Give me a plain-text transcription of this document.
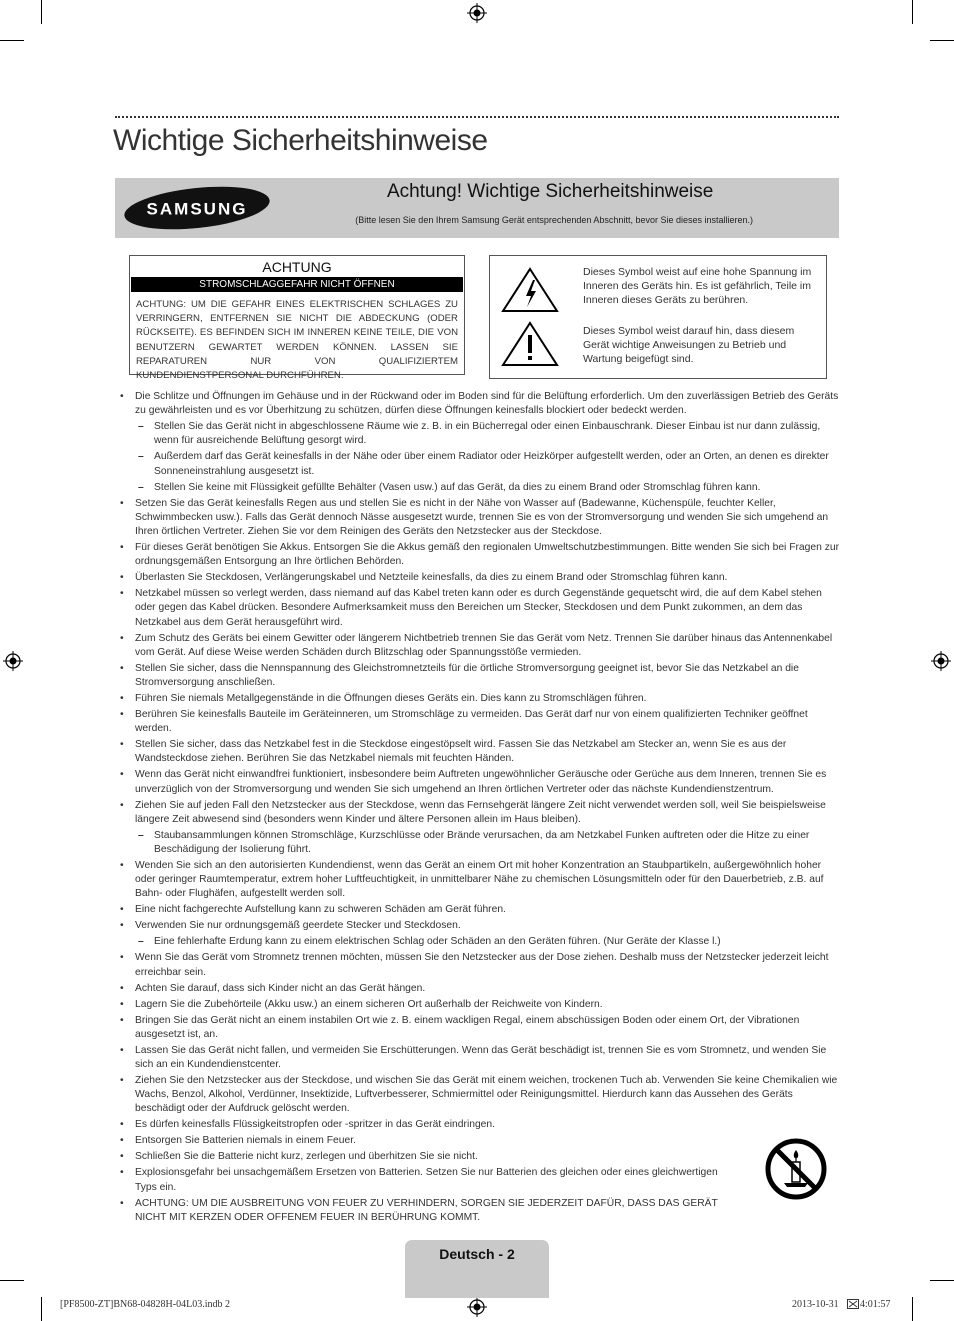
Wichtige Sicherheitshinweise
SAMSUNG
Achtung! Wichtige Sicherheitshinweise
(Bitte lesen Sie den Ihrem Samsung Gerät entsprechenden Abschnitt, bevor Sie dieses installieren.)
ACHTUNG
STROMSCHLAGGEFAHR NICHT ÖFFNEN
ACHTUNG: UM DIE GEFAHR EINES ELEKTRISCHEN SCHLAGES ZU VERRINGERN, ENTFERNEN SIE NICHT DIE ABDECKUNG (ODER RÜCKSEITE). ES BEFINDEN SICH IM INNEREN KEINE TEILE, DIE VON BENUTZERN GEWARTET WERDEN KÖNNEN. LASSEN SIE REPARATUREN NUR VON QUALIFIZIERTEM KUNDENDIENSTPERSONAL DURCHFÜHREN.
Dieses Symbol weist auf eine hohe Spannung im Inneren des Geräts hin. Es ist gefährlich, Teile im Inneren dieses Geräts zu berühren.
Dieses Symbol weist darauf hin, dass diesem Gerät wichtige Anweisungen zu Betrieb und Wartung beigefügt sind.
• Die Schlitze und Öffnungen im Gehäuse und in der Rückwand oder im Boden sind für die Belüftung erforderlich. Um den zuverlässigen Betrieb des Geräts zu gewährleisten und es vor Überhitzung zu schützen, dürfen diese Öffnungen keinesfalls blockiert oder bedeckt werden.
– Stellen Sie das Gerät nicht in abgeschlossene Räume wie z. B. in ein Bücherregal oder einen Einbauschrank. Dieser Einbau ist nur dann zulässig, wenn für ausreichende Belüftung gesorgt wird.
– Außerdem darf das Gerät keinesfalls in der Nähe oder über einem Radiator oder Heizkörper aufgestellt werden, oder an Orten, an denen es direkter Sonneneinstrahlung ausgesetzt ist.
– Stellen Sie keine mit Flüssigkeit gefüllte Behälter (Vasen usw.) auf das Gerät, da dies zu einem Brand oder Stromschlag führen kann.
• Setzen Sie das Gerät keinesfalls Regen aus und stellen Sie es nicht in der Nähe von Wasser auf (Badewanne, Küchenspüle, feuchter Keller, Schwimmbecken usw.). Falls das Gerät dennoch Nässe ausgesetzt wurde, trennen Sie es von der Stromversorgung und wenden Sie sich umgehend an Ihren örtlichen Vertreter. Ziehen Sie vor dem Reinigen des Geräts den Netzstecker aus der Steckdose.
• Für dieses Gerät benötigen Sie Akkus. Entsorgen Sie die Akkus gemäß den regionalen Umweltschutzbestimmungen. Bitte wenden Sie sich bei Fragen zur ordnungsgemäßen Entsorgung an Ihre örtlichen Behörden.
• Überlasten Sie Steckdosen, Verlängerungskabel und Netzteile keinesfalls, da dies zu einem Brand oder Stromschlag führen kann.
• Netzkabel müssen so verlegt werden, dass niemand auf das Kabel treten kann oder es durch Gegenstände gequetscht wird, die auf dem Kabel stehen oder gegen das Kabel drücken. Besondere Aufmerksamkeit muss den Bereichen um Stecker, Steckdosen und dem Punkt zukommen, an dem das Netzkabel aus dem Gerät herausgeführt wird.
• Zum Schutz des Geräts bei einem Gewitter oder längerem Nichtbetrieb trennen Sie das Gerät vom Netz. Trennen Sie darüber hinaus das Antennenkabel vom Gerät. Auf diese Weise werden Schäden durch Blitzschlag oder Spannungsstöße vermieden.
• Stellen Sie sicher, dass die Nennspannung des Gleichstromnetzteils für die örtliche Stromversorgung geeignet ist, bevor Sie das Netzkabel an die Stromversorgung anschließen.
• Führen Sie niemals Metallgegenstände in die Öffnungen dieses Geräts ein. Dies kann zu Stromschlägen führen.
• Berühren Sie keinesfalls Bauteile im Geräteinneren, um Stromschläge zu vermeiden. Das Gerät darf nur von einem qualifizierten Techniker geöffnet werden.
• Stellen Sie sicher, dass das Netzkabel fest in die Steckdose eingestöpselt wird. Fassen Sie das Netzkabel am Stecker an, wenn Sie es aus der Wandsteckdose ziehen. Berühren Sie das Netzkabel niemals mit feuchten Händen.
• Wenn das Gerät nicht einwandfrei funktioniert, insbesondere beim Auftreten ungewöhnlicher Geräusche oder Gerüche aus dem Inneren, trennen Sie es unverzüglich von der Stromversorgung und wenden Sie sich umgehend an Ihren örtlichen Vertreter oder das nächste Kundendienstzentrum.
• Ziehen Sie auf jeden Fall den Netzstecker aus der Steckdose, wenn das Fernsehgerät längere Zeit nicht verwendet werden soll, weil Sie beispielsweise längere Zeit abwesend sind (besonders wenn Kinder und ältere Personen allein im Haus bleiben).
– Staubansammlungen können Stromschläge, Kurzschlüsse oder Brände verursachen, da am Netzkabel Funken auftreten oder die Hitze zu einer Beschädigung der Isolierung führt.
• Wenden Sie sich an den autorisierten Kundendienst, wenn das Gerät an einem Ort mit hoher Konzentration an Staubpartikeln, außergewöhnlich hoher oder geringer Raumtemperatur, extrem hoher Luftfeuchtigkeit, in unmittelbarer Nähe zu chemischen Lösungsmitteln oder für den Dauerbetrieb, z.B. auf Bahn- oder Flughäfen, aufgestellt werden soll.
• Eine nicht fachgerechte Aufstellung kann zu schweren Schäden am Gerät führen.
• Verwenden Sie nur ordnungsgemäß geerdete Stecker und Steckdosen.
– Eine fehlerhafte Erdung kann zu einem elektrischen Schlag oder Schäden an den Geräten führen. (Nur Geräte der Klasse l.)
• Wenn Sie das Gerät vom Stromnetz trennen möchten, müssen Sie den Netzstecker aus der Dose ziehen. Deshalb muss der Netzstecker jederzeit leicht erreichbar sein.
• Achten Sie darauf, dass sich Kinder nicht an das Gerät hängen.
• Lagern Sie die Zubehörteile (Akku usw.) an einem sicheren Ort außerhalb der Reichweite von Kindern.
• Bringen Sie das Gerät nicht an einem instabilen Ort wie z. B. einem wackligen Regal, einem abschüssigen Boden oder einem Ort, der Vibrationen ausgesetzt ist, an.
• Lassen Sie das Gerät nicht fallen, und vermeiden Sie Erschütterungen. Wenn das Gerät beschädigt ist, trennen Sie es vom Stromnetz, und wenden Sie sich an ein Kundendienstcenter.
• Ziehen Sie den Netzstecker aus der Steckdose, und wischen Sie das Gerät mit einem weichen, trockenen Tuch ab. Verwenden Sie keine Chemikalien wie Wachs, Benzol, Alkohol, Verdünner, Insektizide, Luftverbesserer, Schmiermittel oder Reinigungsmittel. Hierdurch kann das Aussehen des Geräts beschädigt oder der Aufdruck gelöscht werden.
• Es dürfen keinesfalls Flüssigkeitstropfen oder -spritzer in das Gerät eindringen.
• Entsorgen Sie Batterien niemals in einem Feuer.
• Schließen Sie die Batterie nicht kurz, zerlegen und überhitzen Sie sie nicht.
• Explosionsgefahr bei unsachgemäßem Ersetzen von Batterien. Setzen Sie nur Batterien des gleichen oder eines gleichwertigen Typs ein.
• ACHTUNG: UM DIE AUSBREITUNG VON FEUER ZU VERHINDERN, SORGEN SIE JEDERZEIT DAFÜR, DASS DAS GERÄT NICHT MIT KERZEN ODER OFFENEM FEUER IN BERÜHRUNG KOMMT.
Deutsch - 2
[PF8500-ZT]BN68-04828H-04L03.indb 2	2013-10-31 4:01:57
